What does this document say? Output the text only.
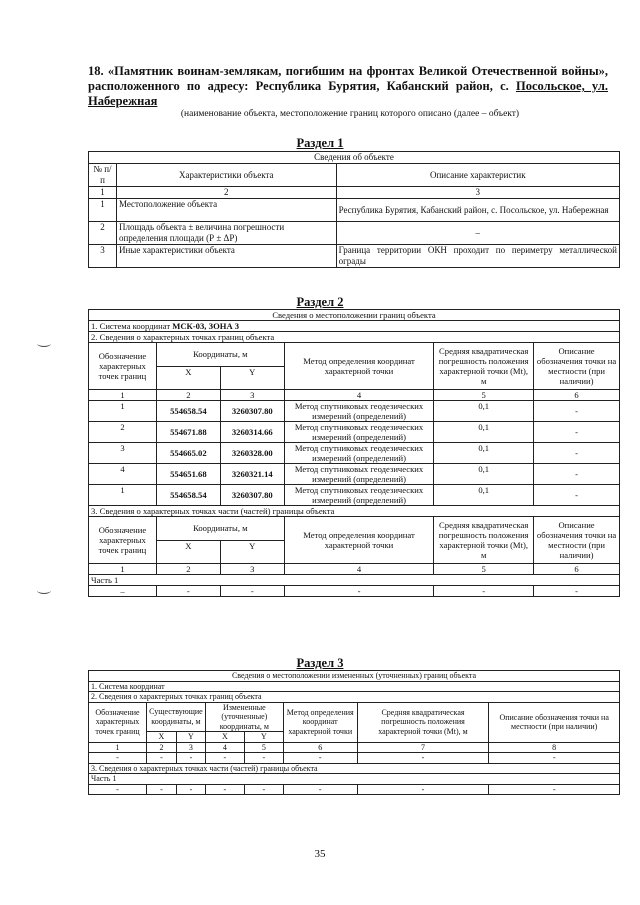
18. «Памятник воинам-землякам, погибшим на фронтах Великой Отечественной войны», расположенного по адресу: Республика Бурятия, Кабанский район, с. Посольское, ул. Набережная
(наименование объекта, местоположение границ которого описано (далее – объект)
Раздел 1
Сведения об объекте		
№ п/п	Характеристики объекта	Описание характеристик
1	2	3
1	Местоположение объекта	Республика Бурятия, Кабанский район, с. Посольское, ул. Набережная
2	Площадь объекта ± величина погрешности определения площади (Р ± ΔР)	–
3	Иные характеристики объекта	Граница территории ОКН проходит по периметру металлической ограды
Раздел 2
Сведения о местоположении границ объекта					
1. Система координат МСК-03, ЗОНА 3					
2. Сведения о характерных точках границ объекта					
Обозначение характерных точек границ	Координаты, м		Метод определения координат характерной точки	Средняя квадратическая погрешность положения характерной точки (Mt), м	Описание обозначения точки на местности (при наличии)
	X	Y			
1	2	3	4	5	6
1	554658.54	3260307.80	Метод спутниковых геодезических измерений (определений)	0,1	-
2	554671.88	3260314.66	Метод спутниковых геодезических измерений (определений)	0,1	-
3	554665.02	3260328.00	Метод спутниковых геодезических измерений (определений)	0,1	-
4	554651.68	3260321.14	Метод спутниковых геодезических измерений (определений)	0,1	-
1	554658.54	3260307.80	Метод спутниковых геодезических измерений (определений)	0,1	-
3. Сведения о характерных точках части (частей) границы объекта					
Обозначение характерных точек границ	Координаты, м		Метод определения координат характерной точки	Средняя квадратическая погрешность положения характерной точки (Mt), м	Описание обозначения точки на местности (при наличии)
	X	Y			
1	2	3	4	5	6
Часть 1					
–	-	-	-	-	-
Раздел 3
Сведения о местоположении измененных (уточненных) границ объекта							
1. Система координат							
2. Сведения о характерных точках границ объекта							
Обозначение характерных точек границ	Существующие координаты, м		Измененные (уточненные) координаты, м		Метод определения координат характерной точки	Средняя квадратическая погрешность положения характерной точки (Mt), м	Описание обозначения точки на местности (при наличии)
	X	Y	X	Y			
1	2	3	4	5	6	7	8
-	-	-	-	-	-	-	-
3. Сведения о характерных точках части (частей) границы объекта							
Часть 1							
-	-	-	-	-	-	-	-
35
